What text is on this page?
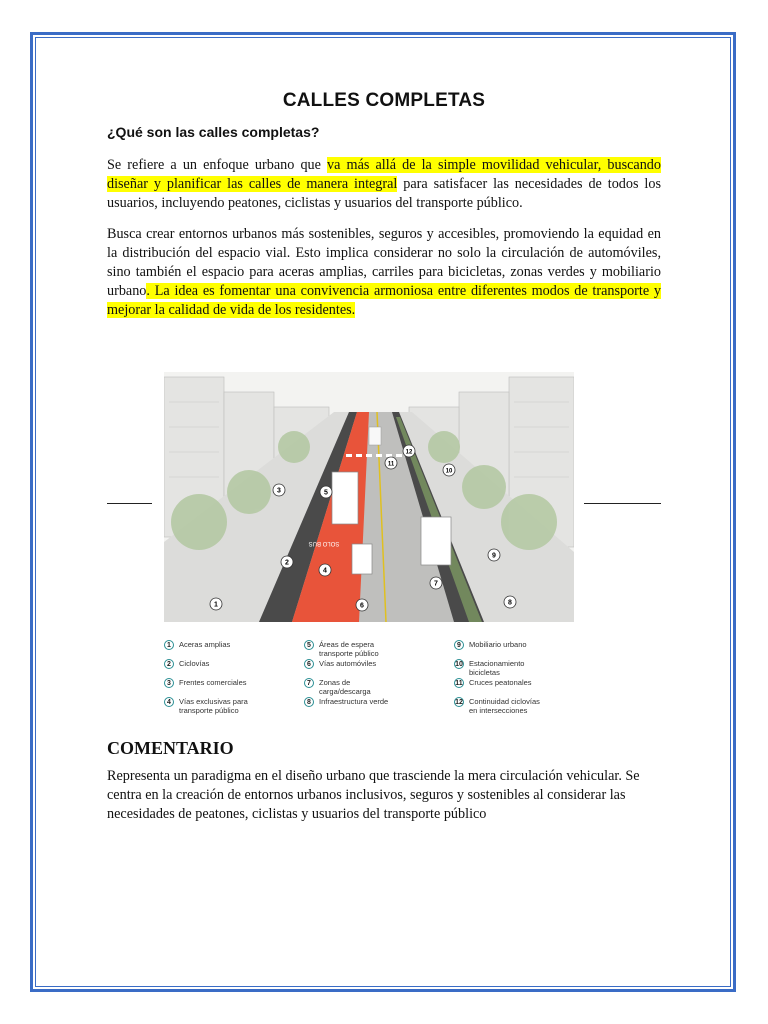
CALLES COMPLETAS
¿Qué son las calles completas?

Se refiere a un enfoque urbano que va más allá de la simple movilidad vehicular, buscando diseñar y planificar las calles de manera integral para satisfacer las necesidades de todos los usuarios, incluyendo peatones, ciclistas y usuarios del transporte público.

Busca crear entornos urbanos más sostenibles, seguros y accesibles, promoviendo la equidad en la distribución del espacio vial. Esto implica considerar no solo la circulación de automóviles, sino también el espacio para aceras amplias, carriles para bicicletas, zonas verdes y mobiliario urbano. La idea es fomentar una convivencia armoniosa entre diferentes modos de transporte y mejorar la calidad de vida de los residentes.

SOLO BUS
1
2
3
4
5
6
7
8
9
10
11
12
1	Aceras amplias
2	Ciclovías
3	Frentes comerciales
4	Vías exclusivas para transporte público
5	Áreas de espera transporte público
6	Vías automóviles
7	Zonas de carga/descarga
8	Infraestructura verde
9	Mobiliario urbano
10 Estacionamiento bicicletas
11 Cruces peatonales
12 Continuidad ciclovías en intersecciones
COMENTARIO

Representa un paradigma en el diseño urbano que trasciende la mera circulación vehicular. Se centra en la creación de entornos urbanos inclusivos, seguros y sostenibles al considerar las necesidades de peatones, ciclistas y usuarios del transporte público
